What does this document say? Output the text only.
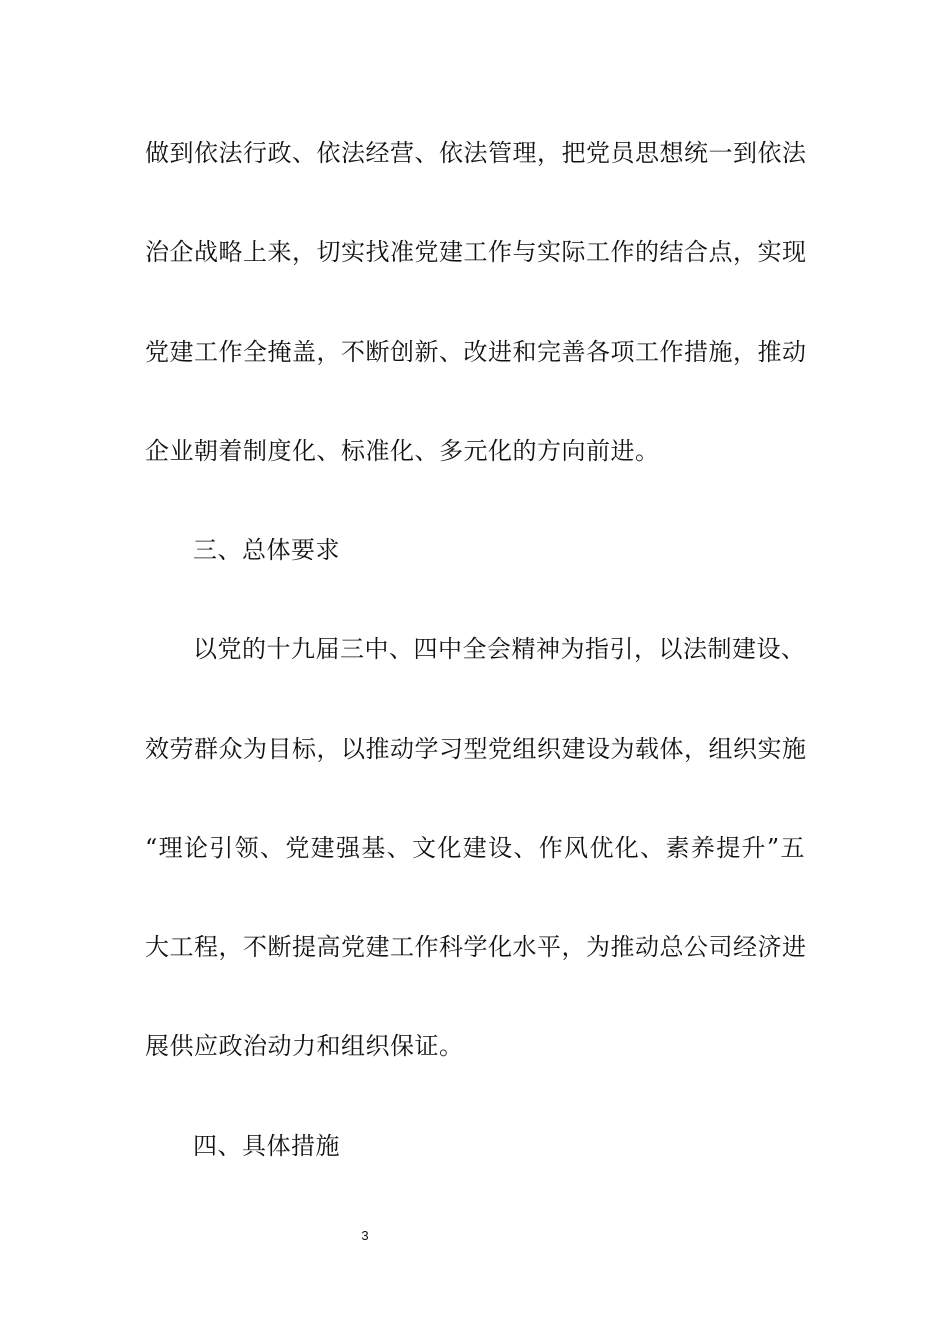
做到依法行政、依法经营、依法管理，把党员思想统一到依法
治企战略上来，切实找准党建工作与实际工作的结合点，实现
党建工作全掩盖，不断创新、改进和完善各项工作措施，推动
企业朝着制度化、标准化、多元化的方向前进。
三、总体要求
以党的十九届三中、四中全会精神为指引，以法制建设、
效劳群众为目标，以推动学习型党组织建设为载体，组织实施
“理论引领、党建强基、文化建设、作风优化、素养提升”五
大工程，不断提高党建工作科学化水平，为推动总公司经济进
展供应政治动力和组织保证。
四、具体措施
3
